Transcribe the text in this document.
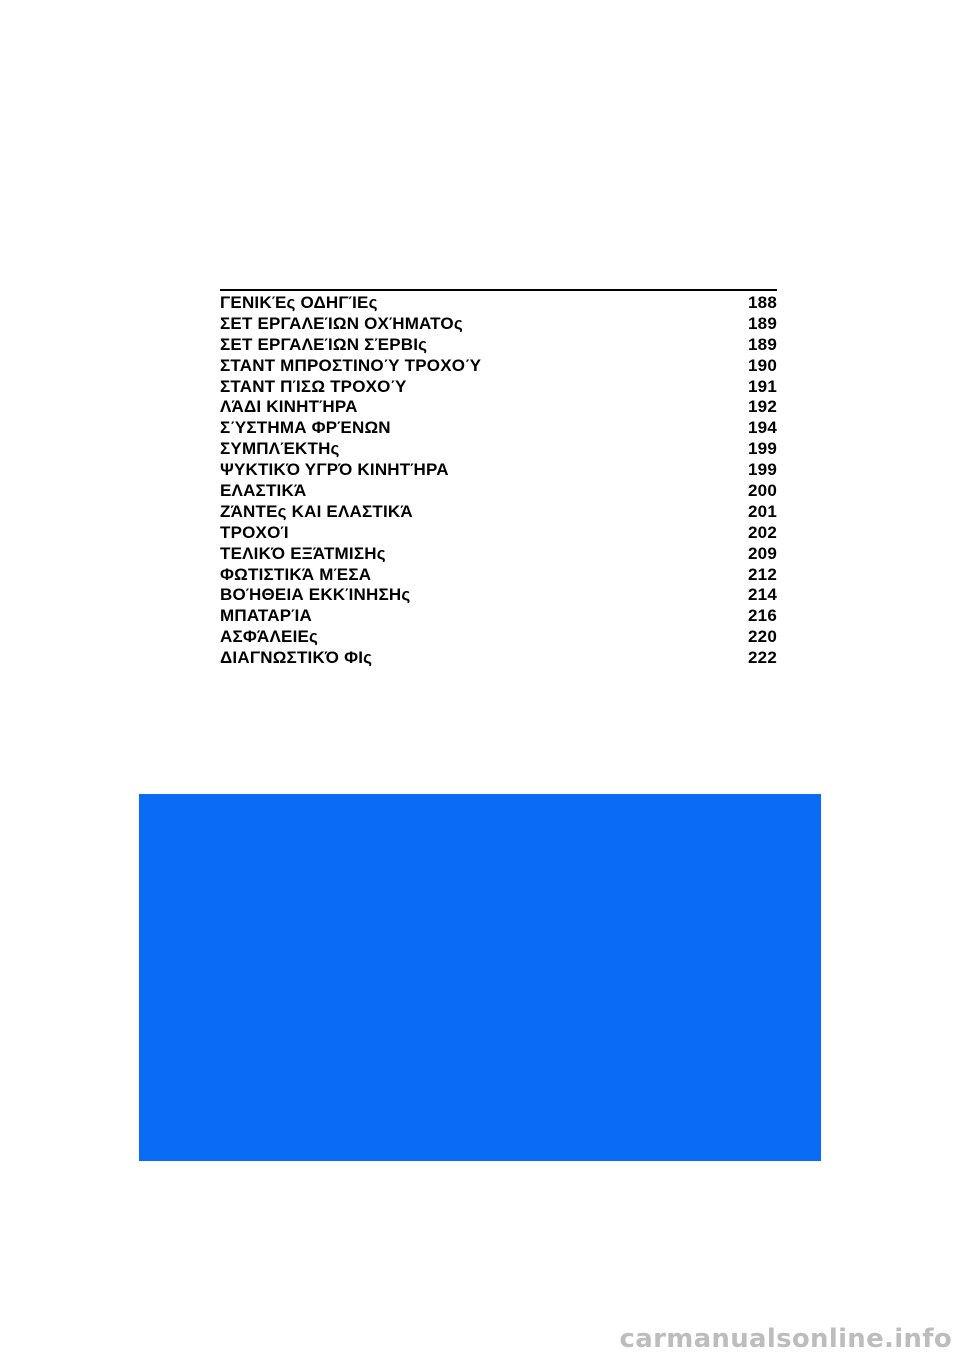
ΓΕΝΙΚΈς ΟΔΗΓΊΕς	188
ΣΕΤ ΕΡΓΑΛΕΊΩΝ ΟΧΉΜΑΤΟς	189
ΣΕΤ ΕΡΓΑΛΕΊΩΝ ΣΈΡΒΙς	189
ΣΤΑΝΤ ΜΠΡΟΣΤΙΝΟΎ ΤΡΟΧΟΎ	190
ΣΤΑΝΤ ΠΊΣΩ ΤΡΟΧΟΎ	191
ΛΆΔΙ ΚΙΝΗΤΉΡΑ	192
ΣΎΣΤΗΜΑ ΦΡΈΝΩΝ	194
ΣΥΜΠΛΈΚΤΗς	199
ΨΥΚΤΙΚΌ ΥΓΡΌ ΚΙΝΗΤΉΡΑ	199
ΕΛΑΣΤΙΚΆ	200
ΖΆΝΤΕς ΚΑΙ ΕΛΑΣΤΙΚΆ	201
ΤΡΟΧΟΊ	202
ΤΕΛΙΚΌ ΕΞΆΤΜΙΣΗς	209
ΦΩΤΙΣΤΙΚΆ ΜΈΣΑ	212
ΒΟΉΘΕΙΑ ΕΚΚΊΝΗΣΗς	214
ΜΠΑΤΑΡΊΑ	216
ΑΣΦΆΛΕΙΕς	220
ΔΙΑΓΝΩΣΤΙΚΌ ΦΙς	222
carmanualsonline.info
